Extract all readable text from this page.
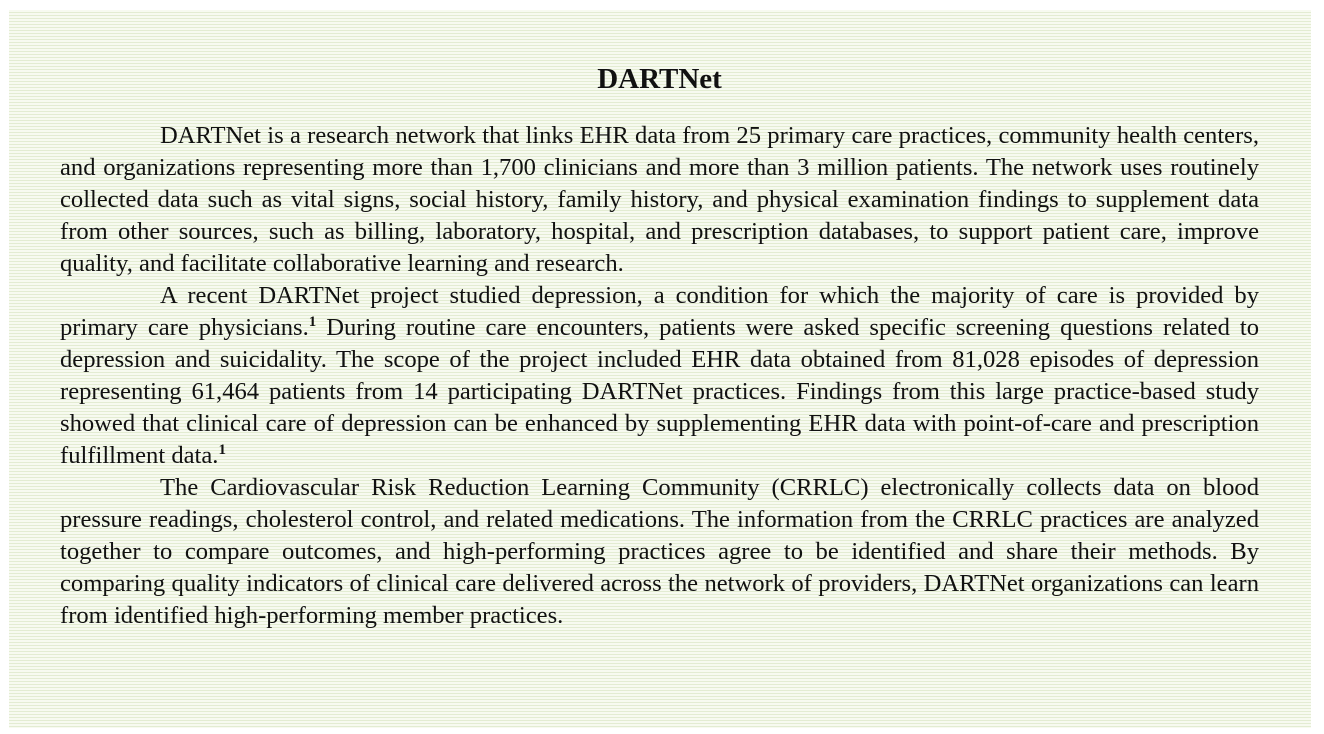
DARTNet

DARTNet is a research network that links EHR data from 25 primary care practices, community health centers, and organizations representing more than 1,700 clinicians and more than 3 million patients. The network uses routinely collected data such as vital signs, social history, family history, and physical examination findings to supplement data from other sources, such as billing, laboratory, hospital, and prescription databases, to support patient care, improve quality, and facilitate collaborative learning and research.

A recent DARTNet project studied depression, a condition for which the majority of care is provided by primary care physicians.$^1$ During routine care encounters, patients were asked specific screening questions related to depression and suicidality. The scope of the project included EHR data obtained from 81,028 episodes of depression representing 61,464 patients from 14 participating DARTNet practices. Findings from this large practice-based study showed that clinical care of depression can be enhanced by supplementing EHR data with point-of-care and prescription fulfillment data.$^1$

The Cardiovascular Risk Reduction Learning Community (CRRLC) electronically collects data on blood pressure readings, cholesterol control, and related medications. The information from the CRRLC practices are analyzed together to compare outcomes, and high-performing practices agree to be identified and share their methods. By comparing quality indicators of clinical care delivered across the network of providers, DARTNet organizations can learn from identified high-performing member practices.
